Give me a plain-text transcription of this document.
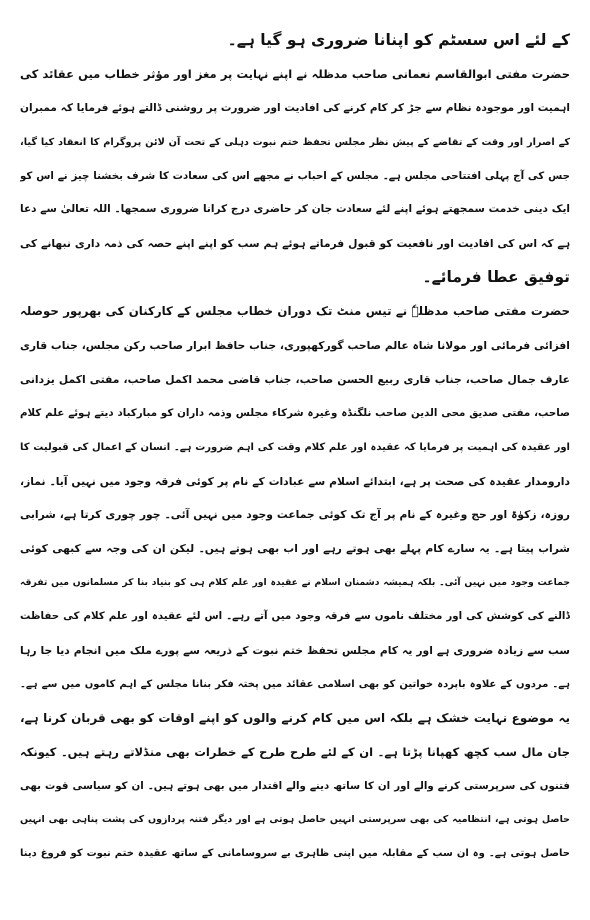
کے لئے اس سسٹم کو اپنانا ضروری ہو گیا ہے۔
حضرت مفتی ابوالقاسم نعمانی صاحب مدظلہ نے اپنے نہایت پر مغز اور مؤثر خطاب میں عقائد کی
اہمیت اور موجودہ نظام سے جڑ کر کام کرنے کی افادیت اور ضرورت پر روشنی ڈالتے ہوئے فرمایا کہ ممبران
کے اصرار اور وقت کے تقاضے کے پیش نظر مجلس تحفظ ختم نبوت دہلی کے تحت آن لائن پروگرام کا انعقاد کیا گیا،
جس کی آج پہلی افتتاحی مجلس ہے۔ مجلس کے احباب نے مجھے اس کی سعادت کا شرف بخشنا چیز نے اس کو
ایک دینی خدمت سمجھتے ہوئے اپنے لئے سعادت جان کر حاضری درج کرانا ضروری سمجھا۔ اللہ تعالیٰ سے دعا
ہے کہ اس کی افادیت اور نافعیت کو قبول فرماتے ہوئے ہم سب کو اپنے اپنے حصہ کی ذمہ داری نبھانے کی
توفیق عطا فرمائے۔
حضرت مفتی صاحب مدظلہٗ نے تیس منٹ تک دوران خطاب مجلس کے کارکنان کی بھرپور حوصلہ
افزائی فرمائی اور مولانا شاہ عالم صاحب گورکھپوری، جناب حافظ ابرار صاحب رکن مجلس، جناب قاری
عارف جمال صاحب، جناب قاری ربیع الحسن صاحب، جناب قاضی محمد اکمل صاحب، مفتی اکمل یزدانی
صاحب، مفتی صدیق محی الدین صاحب نلگنڈہ وغیرہ شرکاء مجلس وذمہ داران کو مبارکباد دیتے ہوئے علم کلام
اور عقیدہ کی اہمیت پر فرمایا کہ عقیدہ اور علم کلام وقت کی اہم ضرورت ہے۔ انسان کے اعمال کی قبولیت کا
دارومدار عقیدہ کی صحت پر ہے، ابتدائے اسلام سے عبادات کے نام پر کوئی فرقہ وجود میں نہیں آیا۔ نماز،
روزہ، زکوٰۃ اور حج وغیرہ کے نام پر آج تک کوئی جماعت وجود میں نہیں آئی۔ چور چوری کرتا ہے، شرابی
شراب پیتا ہے۔ یہ سارے کام پہلے بھی ہوتے رہے اور اب بھی ہوتے ہیں۔ لیکن ان کی وجہ سے کبھی کوئی
جماعت وجود میں نہیں آئی۔ بلکہ ہمیشہ دشمنان اسلام نے عقیدہ اور علم کلام ہی کو بنیاد بنا کر مسلمانوں میں تفرقہ
ڈالنے کی کوشش کی اور مختلف ناموں سے فرقہ وجود میں آتے رہے۔ اس لئے عقیدہ اور علم کلام کی حفاظت
سب سے زیادہ ضروری ہے اور یہ کام مجلس تحفظ ختم نبوت کے ذریعہ سے پورے ملک میں انجام دیا جا رہا
ہے۔ مردوں کے علاوہ باپردہ خواتین کو بھی اسلامی عقائد میں پختہ فکر بنانا مجلس کے اہم کاموں میں سے ہے۔
یہ موضوع نہایت خشک ہے بلکہ اس میں کام کرنے والوں کو اپنے اوقات کو بھی قربان کرنا ہے،
جان مال سب کچھ کھپانا پڑتا ہے۔ ان کے لئے طرح طرح کے خطرات بھی منڈلاتے رہتے ہیں۔ کیونکہ
فتنوں کی سرپرستی کرنے والے اور ان کا ساتھ دینے والے اقتدار میں بھی ہوتے ہیں۔ ان کو سیاسی قوت بھی
حاصل ہوتی ہے، انتظامیہ کی بھی سرپرستی انہیں حاصل ہوتی ہے اور دیگر فتنہ پردازوں کی پشت پناہی بھی انہیں
حاصل ہوتی ہے۔ وہ ان سب کے مقابلہ میں اپنی ظاہری بے سروسامانی کے ساتھ عقیدہ ختم نبوت کو فروغ دینا
